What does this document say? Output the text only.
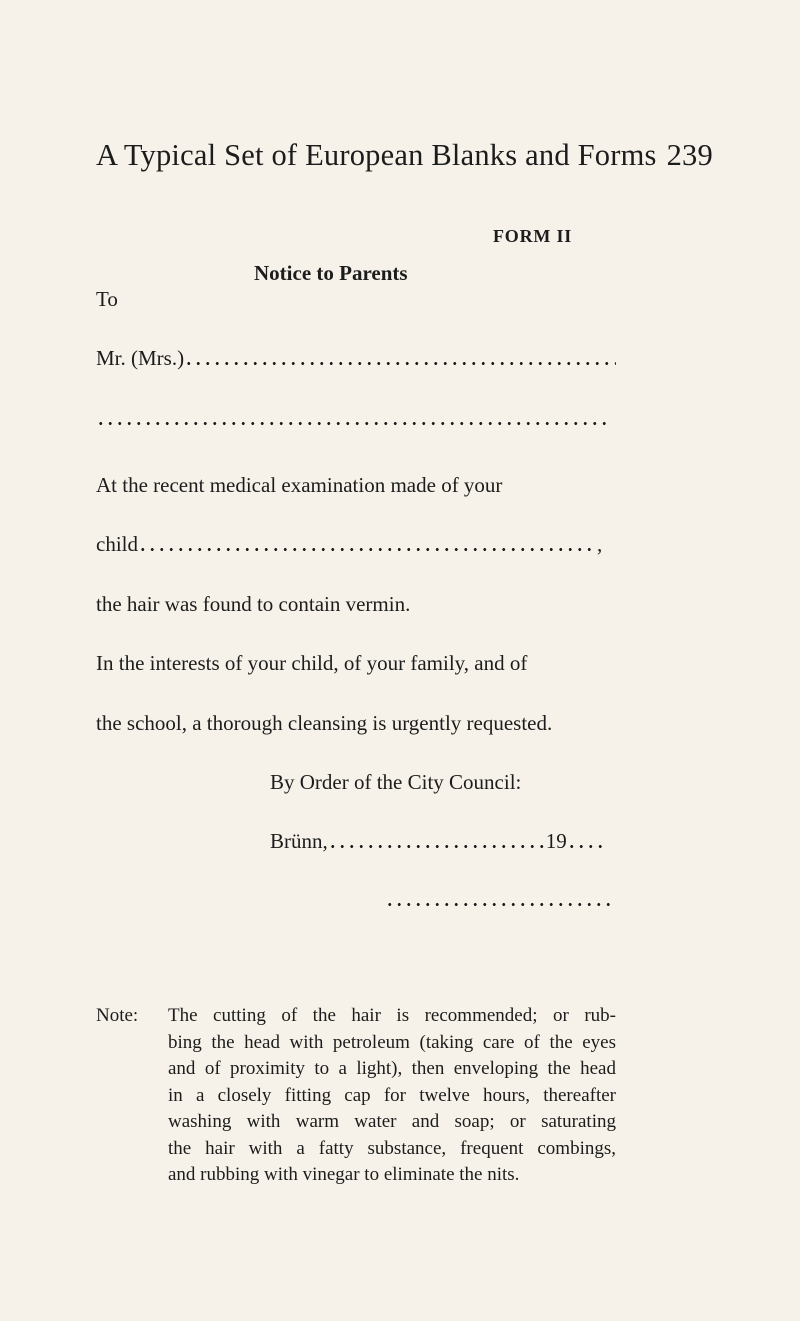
A Typical Set of European Blanks and Forms 239
FORM II
Notice to Parents
To
Mr. (Mrs.)
At the recent medical examination made of your
child	,
the hair was found to contain vermin.
In the interests of your child, of your family, and of
the school, a thorough cleansing is urgently requested.
By Order of the City Council:
Brünn,	19
Note: The cutting of the hair is recommended; or rub-
bing the head with petroleum (taking care of the eyes
and of proximity to a light), then enveloping the head
in a closely fitting cap for twelve hours, thereafter
washing with warm water and soap; or saturating
the hair with a fatty substance, frequent combings,
and rubbing with vinegar to eliminate the nits.
